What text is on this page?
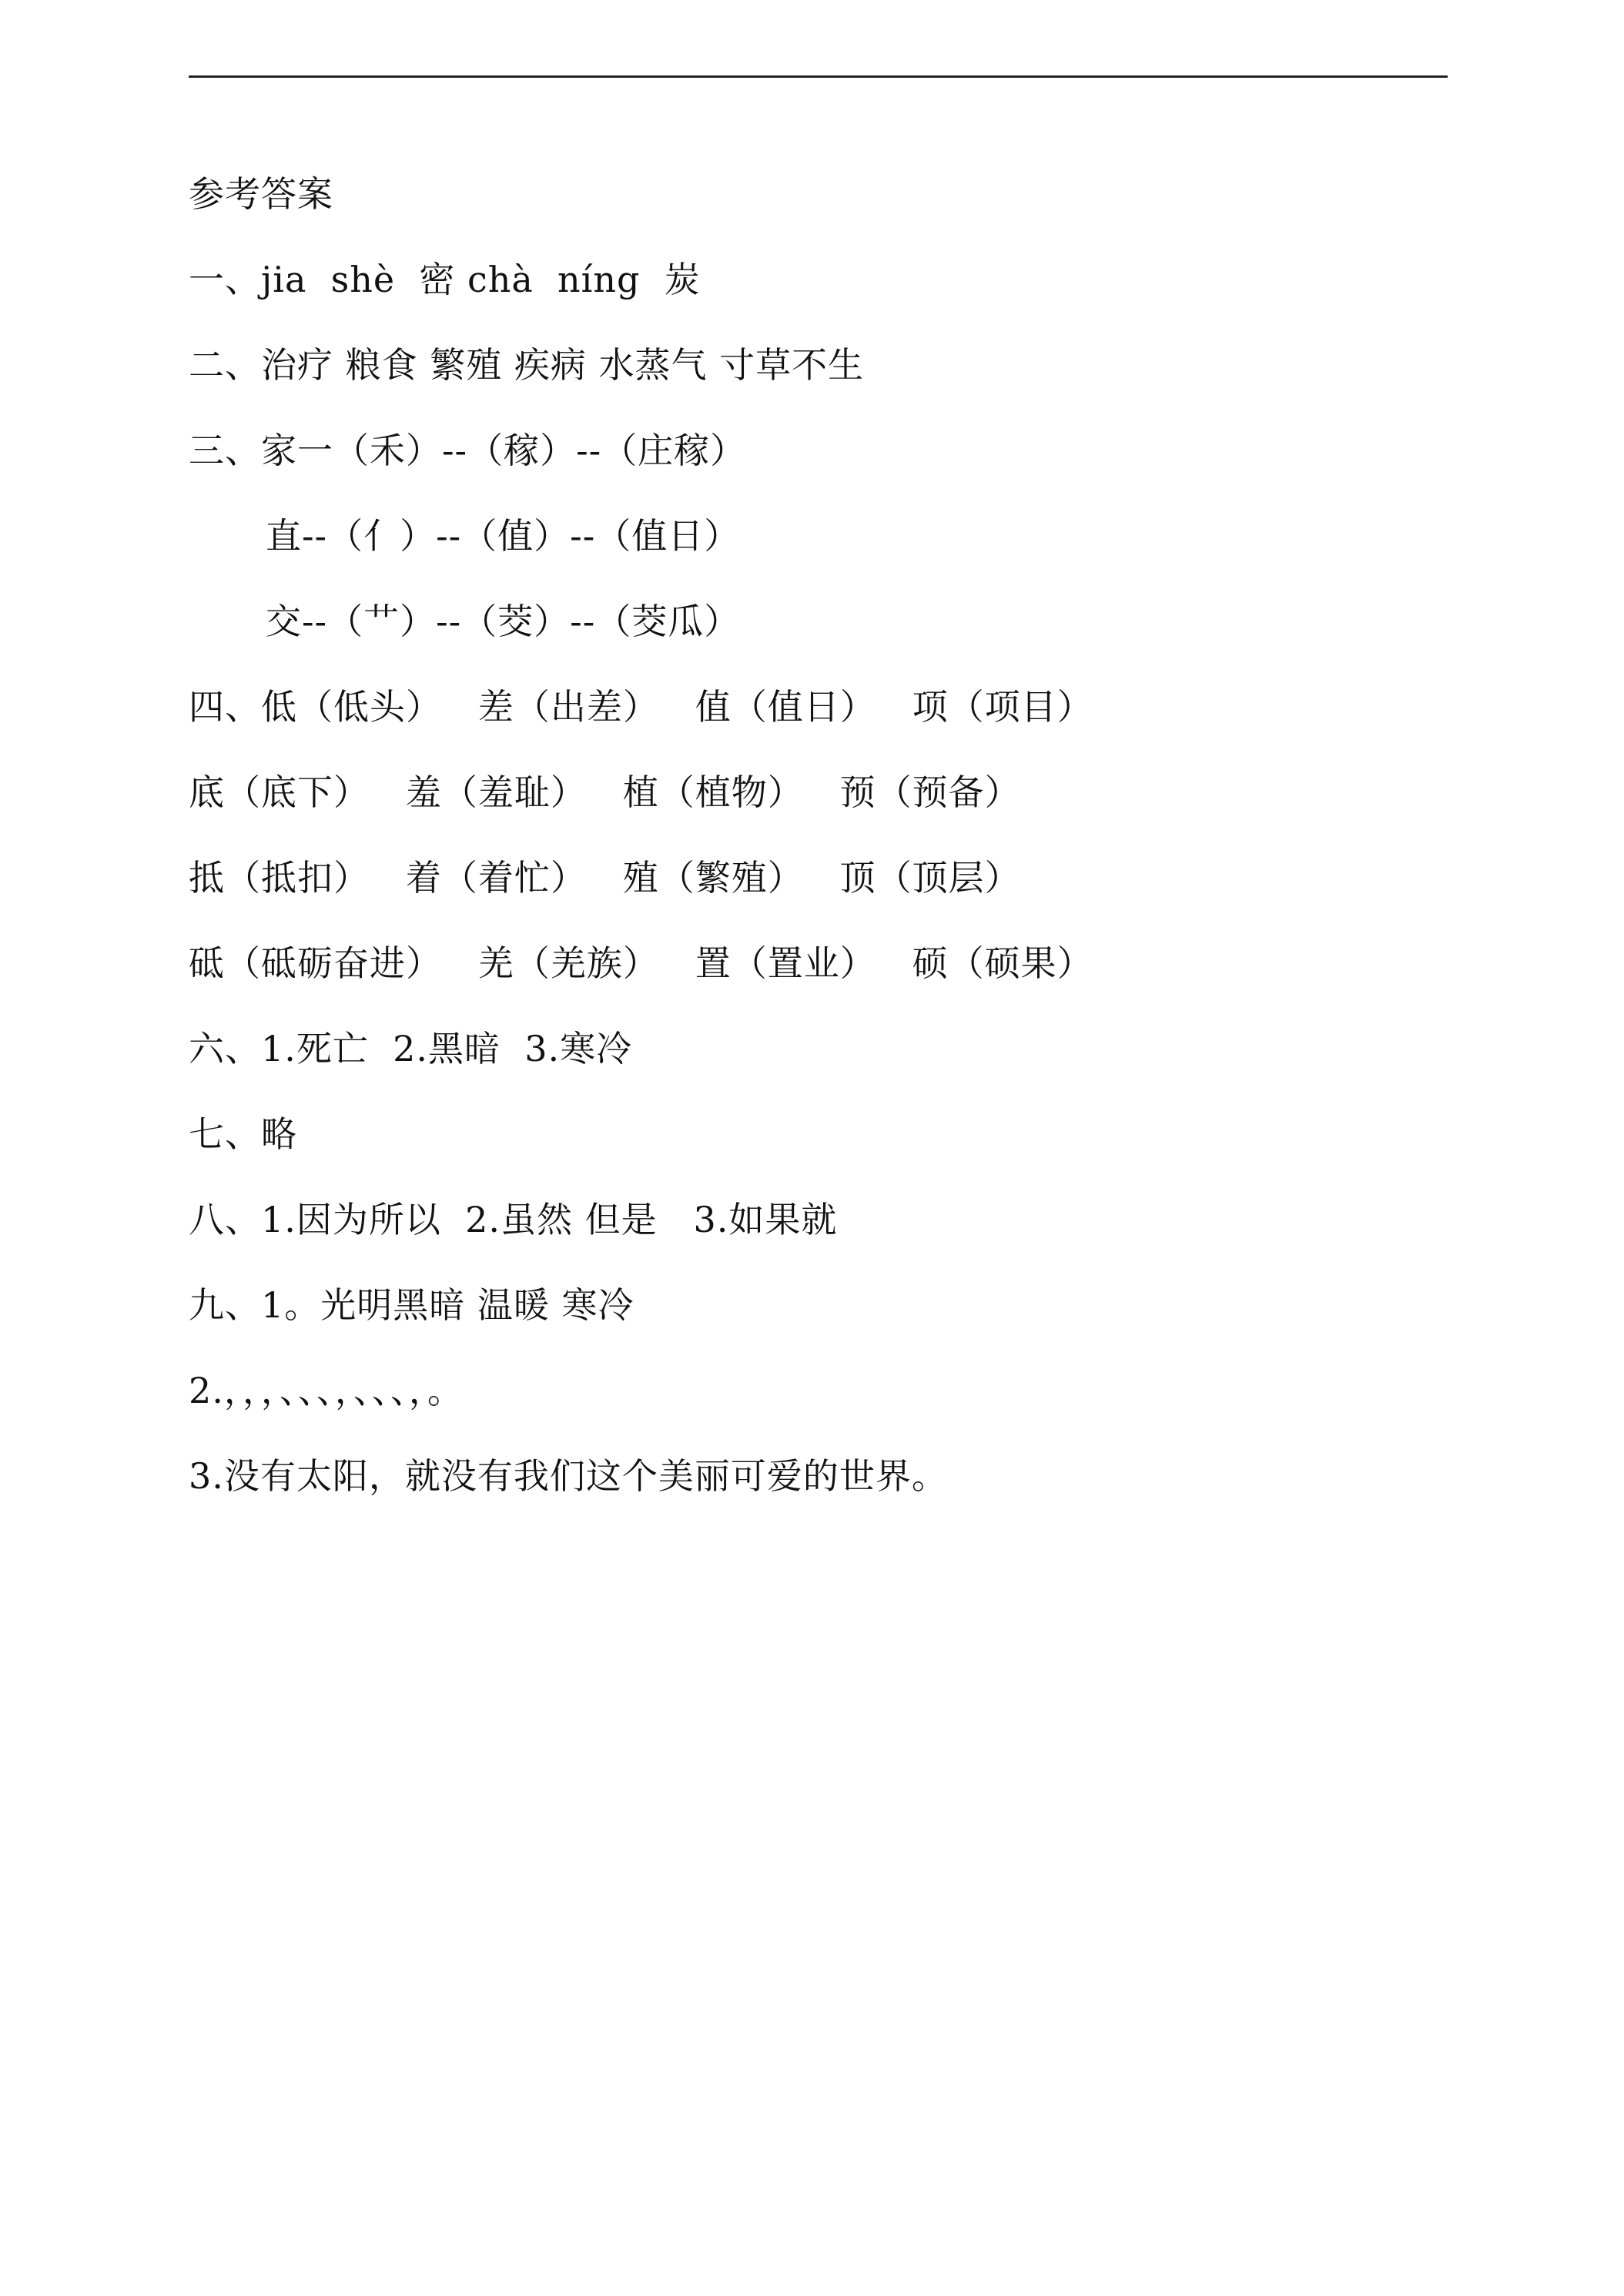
参考答案
一、jia  shè  密 chà  níng  炭
二、治疗 粮食 繁殖 疾病 水蒸气 寸草不生
三、家一（禾）--（稼）--（庄稼）
直--（亻）--（值）--（值日）
交--（艹）--（茭）--（茭瓜）
四、低（低头）   差（出差）   值（值日）   项（项目）
底（底下）   羞（羞耻）   植（植物）   预（预备）
抵（抵扣）   着（着忙）   殖（繁殖）   顶（顶层）
砥（砥砺奋进）   羌（羌族）   置（置业）   硕（硕果）
六、1.死亡  2.黑暗  3.寒冷
七、略
八、1.因为所以  2.虽然 但是   3.如果就
九、1。光明黑暗 温暖 寒冷
2.，，，、、、，、、、，。
3.没有太阳，就没有我们这个美丽可爱的世界。
